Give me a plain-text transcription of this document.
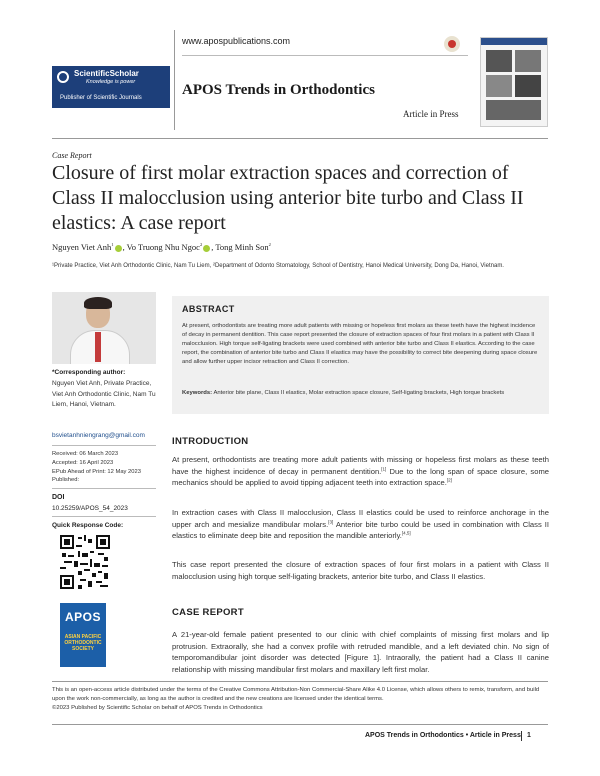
ScientificScholar
Knowledge is power
Publisher of Scientific Journals
www.apospublications.com
APOS Trends in Orthodontics
Article in Press
Case Report
Closure of first molar extraction spaces and correction of Class II malocclusion using anterior bite turbo and Class II elastics: A case report
Nguyen Viet Anh$^1$ , Vo Truong Nhu Ngoc$^2$ , Tong Minh Son$^2$
¹Private Practice, Viet Anh Orthodontic Clinic, Nam Tu Liem, ²Department of Odonto Stomatology, School of Dentistry, Hanoi Medical University, Dong Da, Hanoi, Vietnam.
*Corresponding author:
Nguyen Viet Anh, Private Practice, Viet Anh Orthodontic Clinic, Nam Tu Liem, Hanoi, Vietnam.
bsvietanhniengrang@gmail.com
Received: 06 March 2023
Accepted: 16 April 2023
EPub Ahead of Print: 12 May 2023
Published:
DOI
10.25259/APOS_54_2023
Quick Response Code:
APOS
ASIAN PACIFIC ORTHODONTIC SOCIETY
ABSTRACT
At present, orthodontists are treating more adult patients with missing or hopeless first molars as these teeth have the highest incidence of decay in permanent dentition. This case report presented the closure of extraction spaces of four first molars in a patient with Class II malocclusion. High torque self-ligating brackets were used combined with anterior bite turbo and Class II elastics. According to the case report, the combination of anterior bite turbo and Class II elastics may have the possibility to correct bite deepening during space closure and allow further upper incisor retraction and Class II correction.
Keywords: Anterior bite plane, Class II elastics, Molar extraction space closure, Self-ligating brackets, High torque brackets
INTRODUCTION
At present, orthodontists are treating more adult patients with missing or hopeless first molars as these teeth have the highest incidence of decay in permanent dentition.[1] Due to the long span of space closure, some mechanics should be applied to avoid tipping adjacent teeth into extraction space.[2]
In extraction cases with Class II malocclusion, Class II elastics could be used to reinforce anchorage in the upper arch and mesialize mandibular molars.[3] Anterior bite turbo could be used in combination with Class II elastics to eliminate deep bite and reposition the mandible anteriorly.[4,5]
This case report presented the closure of extraction spaces of four first molars in a patient with Class II malocclusion using high torque self-ligating brackets, anterior bite turbo, and Class II elastics.
CASE REPORT
A 21-year-old female patient presented to our clinic with chief complaints of missing first molars and lip protrusion. Extraorally, she had a convex profile with retruded mandible, and a left deviated chin. No sign of temporomandibular joint disorder was detected [Figure 1]. Intraorally, the patient had a Class II canine relationship with missing mandibular first molars and maxillary left first molar.
This is an open-access article distributed under the terms of the Creative Commons Attribution-Non Commercial-Share Alike 4.0 License, which allows others to remix, transform, and build upon the work non-commercially, as long as the author is credited and the new creations are licensed under the identical terms.
©2023 Published by Scientific Scholar on behalf of APOS Trends in Orthodontics
APOS Trends in Orthodontics • Article in Press 1
